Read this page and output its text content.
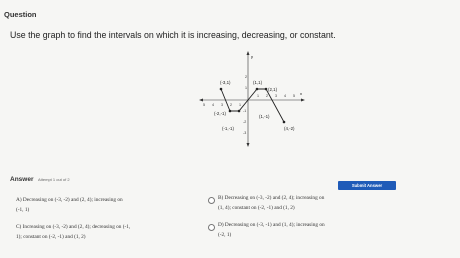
Question
Use the graph to find the intervals on which it is increasing, decreasing, or constant.
y
x
2
1
-1
-2
-3
5 4 3 2 1
1 2 3 4 5
(-3,1)	(1,1)
(2,1)
(-2,-1)
(1,-1)
(-1,-1)	(4,-2)
Answer Attempt 1 out of 2
Submit Answer
A) Decreasing on (-3, -2) and (2, 4); increasing on
(-1, 1)
B) Decreasing on (-3, -2) and (2, 4); increasing on
(1, 4); constant on (-2, -1) and (1, 2)
C) Increasing on (-3, -2) and (2, 4); decreasing on (-1,
1); constant on (-2, -1) and (1, 2)
D) Decreasing on (-3, -1) and (1, 4); increasing on
(-2, 1)
